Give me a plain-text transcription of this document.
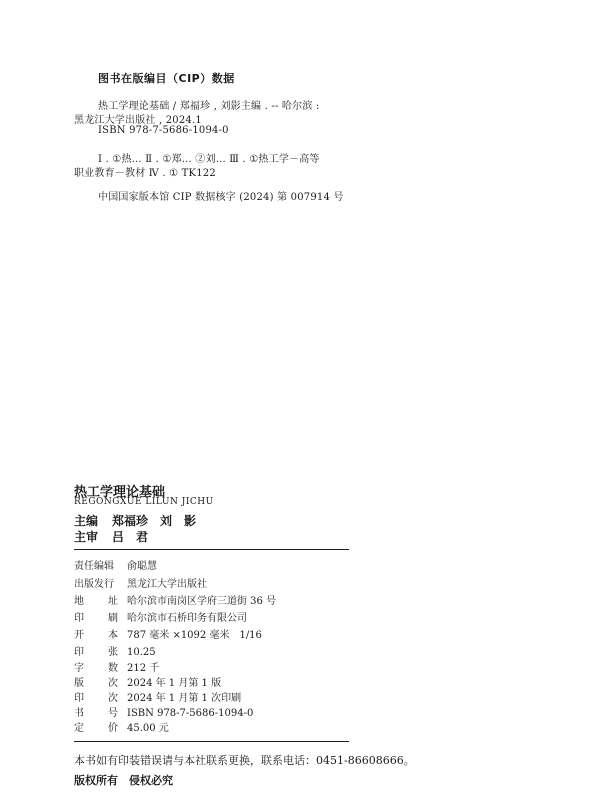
图书在版编目（CIP）数据
热工学理论基础 / 郑福珍 , 刘影主编 . -- 哈尔滨 :
黑龙江大学出版社 , 2024.1
ISBN 978-7-5686-1094-0
Ⅰ . ①热… Ⅱ . ①郑… ②刘… Ⅲ . ①热工学－高等
职业教育－教材 Ⅳ . ① TK122
中国国家版本馆 CIP 数据核字 (2024) 第 007914 号
热工学理论基础
REGONGXUE LILUN JICHU
主编 郑福珍　刘　影
主审 吕　君
责任编辑 俞聪慧
出版发行 黑龙江大学出版社
地址 哈尔滨市南岗区学府三道街 36 号
印刷 哈尔滨市石桥印务有限公司
开本 787 毫米 ×1092 毫米　1/16
印张 10.25
字数 212 千
版次 2024 年 1 月第 1 版
印次 2024 年 1 月第 1 次印刷
书号 ISBN 978-7-5686-1094-0
定价 45.00 元
本书如有印装错误请与本社联系更换，联系电话：0451-86608666。
版权所有　侵权必究
